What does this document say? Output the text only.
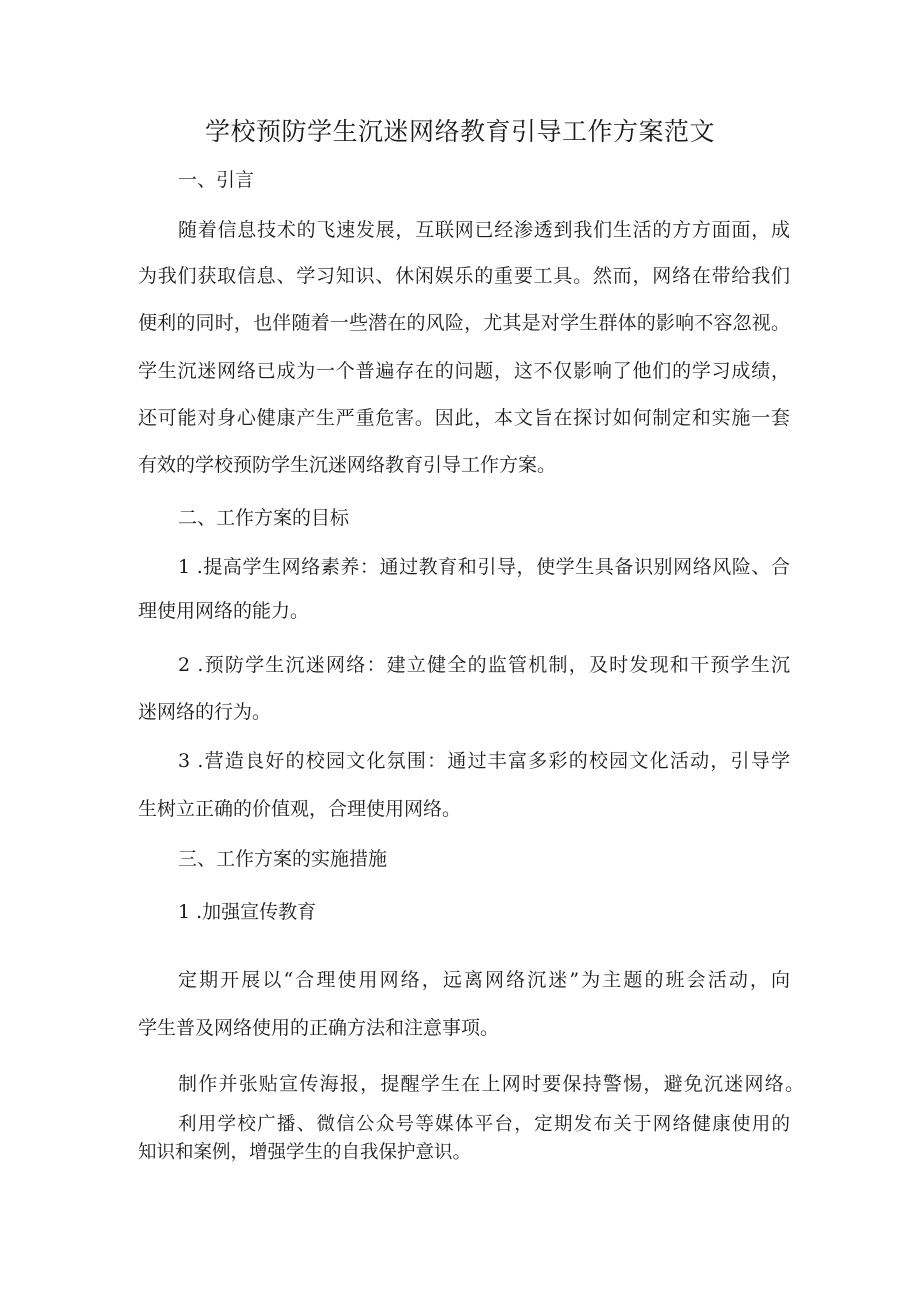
学校预防学生沉迷网络教育引导工作方案范文
一、引言
随着信息技术的飞速发展，互联网已经渗透到我们生活的方方面面，成
为我们获取信息、学习知识、休闲娱乐的重要工具。然而，网络在带给我们
便利的同时，也伴随着一些潜在的风险，尤其是对学生群体的影响不容忽视。
学生沉迷网络已成为一个普遍存在的问题，这不仅影响了他们的学习成绩，
还可能对身心健康产生严重危害。因此，本文旨在探讨如何制定和实施一套
有效的学校预防学生沉迷网络教育引导工作方案。
二、工作方案的目标
1 .提高学生网络素养：通过教育和引导，使学生具备识别网络风险、合
理使用网络的能力。
2 .预防学生沉迷网络：建立健全的监管机制，及时发现和干预学生沉
迷网络的行为。
3 .营造良好的校园文化氛围：通过丰富多彩的校园文化活动，引导学
生树立正确的价值观，合理使用网络。
三、工作方案的实施措施
1 .加强宣传教育
定期开展以“合理使用网络，远离网络沉迷”为主题的班会活动，向
学生普及网络使用的正确方法和注意事项。
制作并张贴宣传海报，提醒学生在上网时要保持警惕，避免沉迷网络。
利用学校广播、微信公众号等媒体平台，定期发布关于网络健康使用的
知识和案例，增强学生的自我保护意识。
